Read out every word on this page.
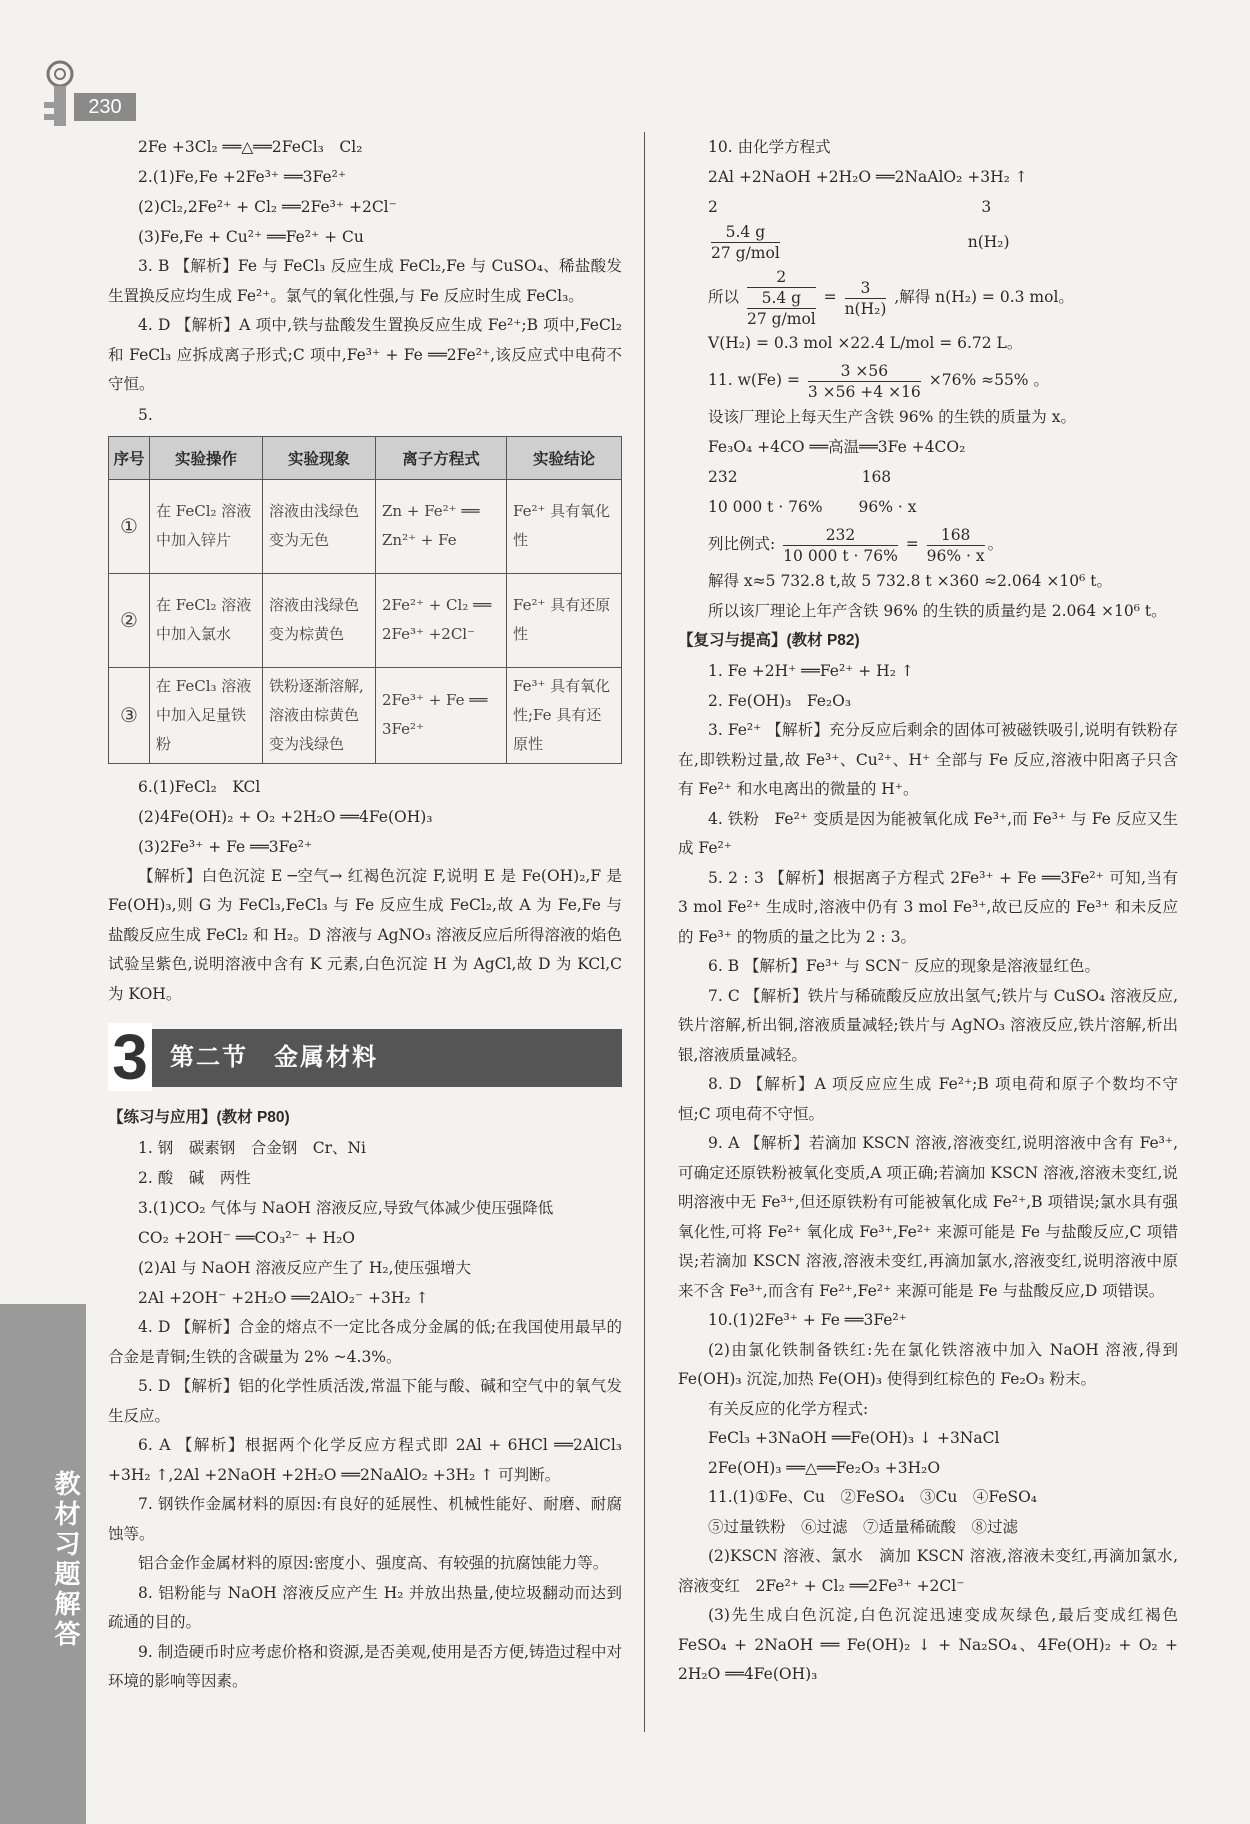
230
教材习题解答
2Fe +3Cl₂ ══△══2FeCl₃　Cl₂
2.(1)Fe,Fe +2Fe³⁺ ══3Fe²⁺
(2)Cl₂,2Fe²⁺ + Cl₂ ══2Fe³⁺ +2Cl⁻
(3)Fe,Fe + Cu²⁺ ══Fe²⁺ + Cu
3. B 【解析】Fe 与 FeCl₃ 反应生成 FeCl₂,Fe 与 CuSO₄、稀盐酸发生置换反应均生成 Fe²⁺。氯气的氧化性强,与 Fe 反应时生成 FeCl₃。
4. D 【解析】A 项中,铁与盐酸发生置换反应生成 Fe²⁺;B 项中,FeCl₂ 和 FeCl₃ 应拆成离子形式;C 项中,Fe³⁺ + Fe ══2Fe²⁺,该反应式中电荷不守恒。
5.
序号	实验操作	实验现象	离子方程式	实验结论
①	在 FeCl₂ 溶液中加入锌片	溶液由浅绿色变为无色	Zn + Fe²⁺ ══ Zn²⁺ + Fe	Fe²⁺ 具有氧化性
②	在 FeCl₂ 溶液中加入氯水	溶液由浅绿色变为棕黄色	2Fe²⁺ + Cl₂ ══ 2Fe³⁺ +2Cl⁻	Fe²⁺ 具有还原性
③	在 FeCl₃ 溶液中加入足量铁粉	铁粉逐渐溶解,溶液由棕黄色变为浅绿色	2Fe³⁺ + Fe ══ 3Fe²⁺	Fe³⁺ 具有氧化性;Fe 具有还原性
6.(1)FeCl₂　KCl
(2)4Fe(OH)₂ + O₂ +2H₂O ══4Fe(OH)₃
(3)2Fe³⁺ + Fe ══3Fe²⁺
【解析】白色沉淀 E ─空气→ 红褐色沉淀 F,说明 E 是 Fe(OH)₂,F 是 Fe(OH)₃,则 G 为 FeCl₃,FeCl₃ 与 Fe 反应生成 FeCl₂,故 A 为 Fe,Fe 与盐酸反应生成 FeCl₂ 和 H₂。D 溶液与 AgNO₃ 溶液反应后所得溶液的焰色试验呈紫色,说明溶液中含有 K 元素,白色沉淀 H 为 AgCl,故 D 为 KCl,C 为 KOH。
3 第二节　金属材料
【练习与应用】(教材 P80)
1. 钢　碳素钢　合金钢　Cr、Ni
2. 酸　碱　两性
3.(1)CO₂ 气体与 NaOH 溶液反应,导致气体减少使压强降低
CO₂ +2OH⁻ ══CO₃²⁻ + H₂O
(2)Al 与 NaOH 溶液反应产生了 H₂,使压强增大
2Al +2OH⁻ +2H₂O ══2AlO₂⁻ +3H₂ ↑
4. D 【解析】合金的熔点不一定比各成分金属的低;在我国使用最早的合金是青铜;生铁的含碳量为 2% ~4.3%。
5. D 【解析】铝的化学性质活泼,常温下能与酸、碱和空气中的氧气发生反应。
6. A 【解析】根据两个化学反应方程式即 2Al + 6HCl ══2AlCl₃ +3H₂ ↑,2Al +2NaOH +2H₂O ══2NaAlO₂ +3H₂ ↑ 可判断。
7. 钢铁作金属材料的原因:有良好的延展性、机械性能好、耐磨、耐腐蚀等。
铝合金作金属材料的原因:密度小、强度高、有较强的抗腐蚀能力等。
8. 铝粉能与 NaOH 溶液反应产生 H₂ 并放出热量,使垃圾翻动而达到疏通的目的。
9. 制造硬币时应考虑价格和资源,是否美观,使用是否方便,铸造过程中对环境的影响等因素。
10. 由化学方程式
2Al +2NaOH +2H₂O ══2NaAlO₂ +3H₂ ↑
2　　　　　　　　　　　　　　　　　3
$\frac{5.4 g}{\text{27 g/mol}}$	n(H₂)
所以
2
5.4 g
27 g/mol
= $\frac{3}{\text{n(H₂)}}$ ,解得 n(H₂) = 0.3 mol。
V(H₂) = 0.3 mol ×22.4 L/mol = 6.72 L。
11. $w(Fe) = \frac{3 \times 56}{3 \times 56 +4 \times 16} \times 76\% \approx 55\%$ 。
设该厂理论上每天生产含铁 96% 的生铁的质量为 x。
Fe₃O₄ +4CO ══高温══3Fe +4CO₂
232　　　　　　　　168
10 000 t · 76%　　 96% · x
列比例式: $\frac{232}{10 000 t \cdot 76\%} = \frac{168}{96\% \cdot x}$ 。
解得 x≈5 732.8 t,故 5 732.8 t ×360 ≈2.064 ×10⁶ t。
所以该厂理论上年产含铁 96% 的生铁的质量约是 2.064 ×10⁶ t。
【复习与提高】(教材 P82)
1. Fe +2H⁺ ══Fe²⁺ + H₂ ↑
2. Fe(OH)₃　Fe₂O₃
3. Fe²⁺ 【解析】充分反应后剩余的固体可被磁铁吸引,说明有铁粉存在,即铁粉过量,故 Fe³⁺、Cu²⁺、H⁺ 全部与 Fe 反应,溶液中阳离子只含有 Fe²⁺ 和水电离出的微量的 H⁺。
4. 铁粉　Fe²⁺ 变质是因为能被氧化成 Fe³⁺,而 Fe³⁺ 与 Fe 反应又生成 Fe²⁺
5. 2 : 3 【解析】根据离子方程式 2Fe³⁺ + Fe ══3Fe²⁺ 可知,当有 3 mol Fe²⁺ 生成时,溶液中仍有 3 mol Fe³⁺,故已反应的 Fe³⁺ 和未反应的 Fe³⁺ 的物质的量之比为 2 : 3。
6. B 【解析】Fe³⁺ 与 SCN⁻ 反应的现象是溶液显红色。
7. C 【解析】铁片与稀硫酸反应放出氢气;铁片与 CuSO₄ 溶液反应,铁片溶解,析出铜,溶液质量减轻;铁片与 AgNO₃ 溶液反应,铁片溶解,析出银,溶液质量减轻。
8. D 【解析】A 项反应应生成 Fe²⁺;B 项电荷和原子个数均不守恒;C 项电荷不守恒。
9. A 【解析】若滴加 KSCN 溶液,溶液变红,说明溶液中含有 Fe³⁺,可确定还原铁粉被氧化变质,A 项正确;若滴加 KSCN 溶液,溶液未变红,说明溶液中无 Fe³⁺,但还原铁粉有可能被氧化成 Fe²⁺,B 项错误;氯水具有强氧化性,可将 Fe²⁺ 氧化成 Fe³⁺,Fe²⁺ 来源可能是 Fe 与盐酸反应,C 项错误;若滴加 KSCN 溶液,溶液未变红,再滴加氯水,溶液变红,说明溶液中原来不含 Fe³⁺,而含有 Fe²⁺,Fe²⁺ 来源可能是 Fe 与盐酸反应,D 项错误。
10.(1)2Fe³⁺ + Fe ══3Fe²⁺
(2)由氯化铁制备铁红:先在氯化铁溶液中加入 NaOH 溶液,得到 Fe(OH)₃ 沉淀,加热 Fe(OH)₃ 使得到红棕色的 Fe₂O₃ 粉末。
有关反应的化学方程式:
FeCl₃ +3NaOH ══Fe(OH)₃ ↓ +3NaCl
2Fe(OH)₃ ══△══Fe₂O₃ +3H₂O
11.(1)①Fe、Cu　②FeSO₄　③Cu　④FeSO₄
⑤过量铁粉　⑥过滤　⑦适量稀硫酸　⑧过滤
(2)KSCN 溶液、氯水　滴加 KSCN 溶液,溶液未变红,再滴加氯水,溶液变红　2Fe²⁺ + Cl₂ ══2Fe³⁺ +2Cl⁻
(3)先生成白色沉淀,白色沉淀迅速变成灰绿色,最后变成红褐色　FeSO₄ + 2NaOH ══ Fe(OH)₂ ↓ + Na₂SO₄、4Fe(OH)₂ + O₂ + 2H₂O ══4Fe(OH)₃
